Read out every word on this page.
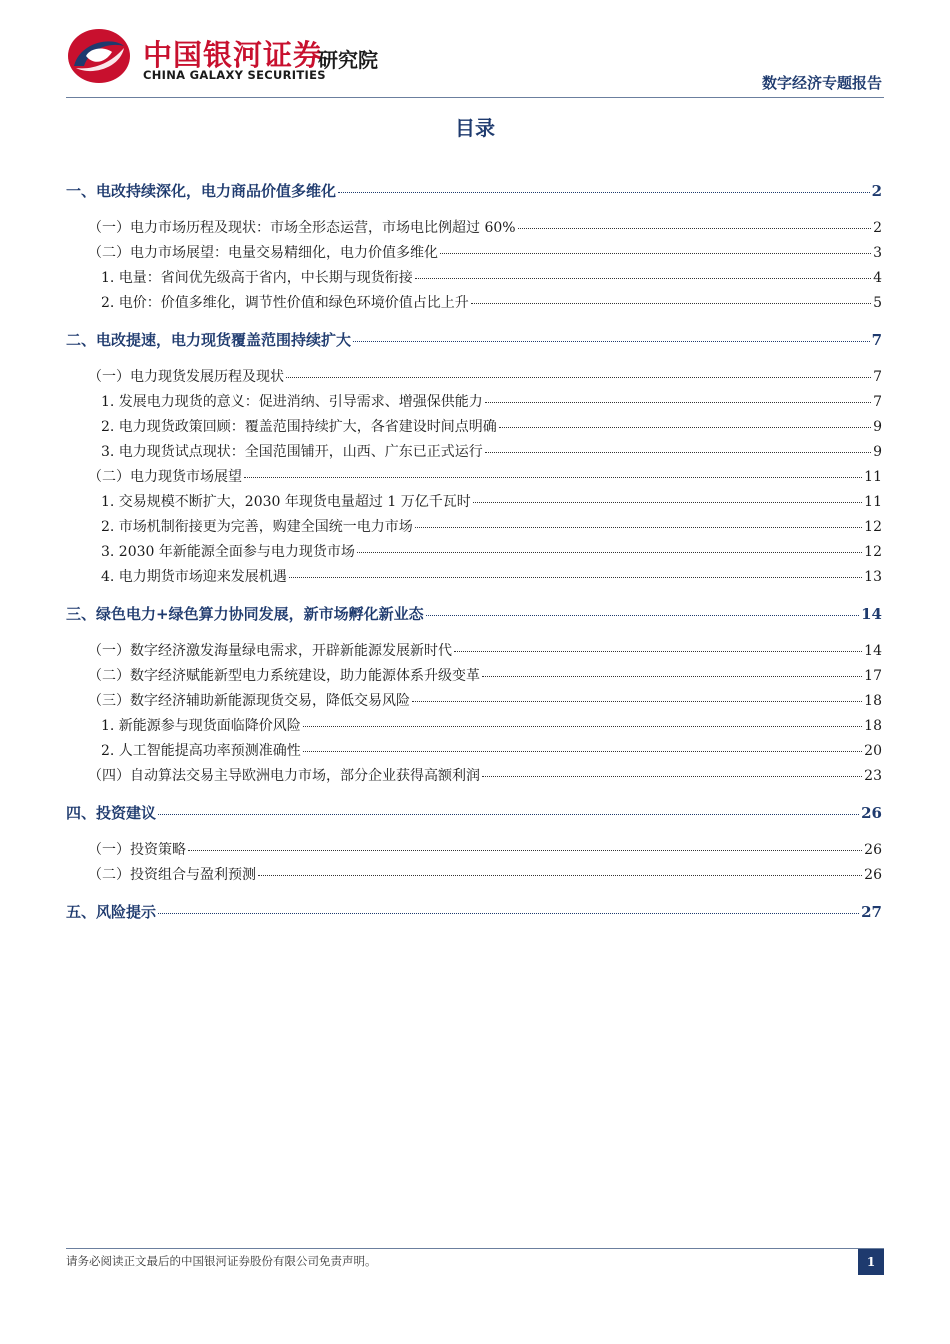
中国银河证券
CHINA GALAXY SECURITIES
研究院
数字经济专题报告
目录
一、电改持续深化，电力商品价值多维化	2
（一）电力市场历程及现状：市场全形态运营，市场电比例超过 60%	2
（二）电力市场展望：电量交易精细化，电力价值多维化	3
1. 电量：省间优先级高于省内，中长期与现货衔接	4
2. 电价：价值多维化，调节性价值和绿色环境价值占比上升	5
二、电改提速，电力现货覆盖范围持续扩大	7
（一）电力现货发展历程及现状	7
1. 发展电力现货的意义：促进消纳、引导需求、增强保供能力	7
2. 电力现货政策回顾：覆盖范围持续扩大，各省建设时间点明确	9
3. 电力现货试点现状：全国范围铺开，山西、广东已正式运行	9
（二）电力现货市场展望	11
1. 交易规模不断扩大，2030 年现货电量超过 1 万亿千瓦时	11
2. 市场机制衔接更为完善，购建全国统一电力市场	12
3. 2030 年新能源全面参与电力现货市场	12
4. 电力期货市场迎来发展机遇	13
三、绿色电力+绿色算力协同发展，新市场孵化新业态	14
（一）数字经济激发海量绿电需求，开辟新能源发展新时代	14
（二）数字经济赋能新型电力系统建设，助力能源体系升级变革	17
（三）数字经济辅助新能源现货交易，降低交易风险	18
1. 新能源参与现货面临降价风险	18
2. 人工智能提高功率预测准确性	20
（四）自动算法交易主导欧洲电力市场，部分企业获得高额利润	23
四、投资建议	26
（一）投资策略	26
（二）投资组合与盈利预测	26
五、风险提示	27
请务必阅读正文最后的中国银河证券股份有限公司免责声明。	1
